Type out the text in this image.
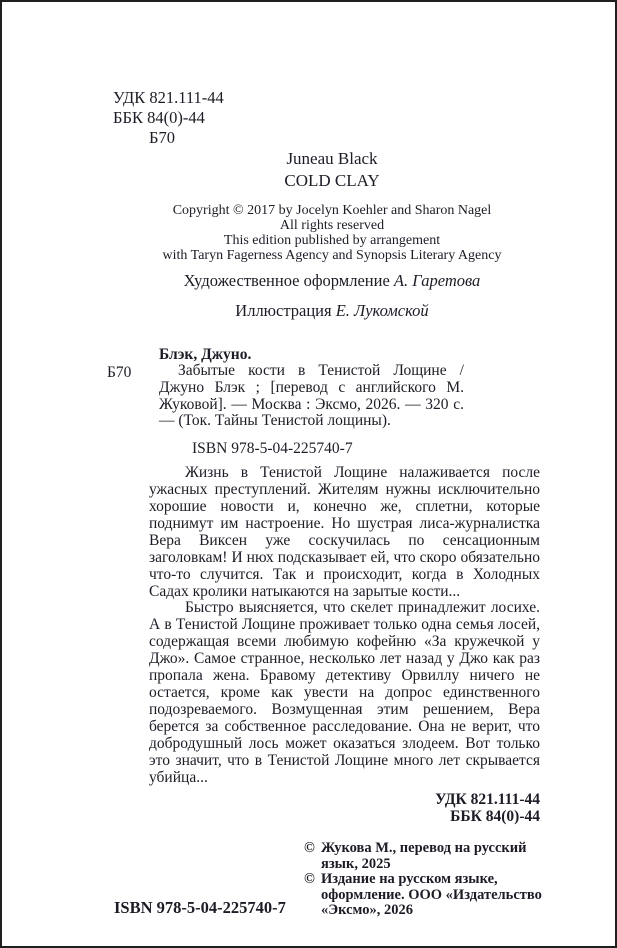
УДК 821.111-44
ББК 84(0)-44
Б70
Juneau Black
COLD CLAY
Copyright © 2017 by Jocelyn Koehler and Sharon Nagel
All rights reserved
This edition published by arrangement
with Taryn Fagerness Agency and Synopsis Literary Agency
Художественное оформление А. Гаретова
Иллюстрация Е. Лукомской
Блэк, Джуно.
Б70	Забытые кости в Тенистой Лощине / Джуно Блэк ; [перевод с английского М. Жуковой]. — Москва : Эксмо, 2026. — 320 с. — (Ток. Тайны Тенистой лощины).

ISBN 978-5-04-225740-7

Жизнь в Тенистой Лощине налаживается после ужасных преступлений. Жителям нужны исключительно хорошие новости и, конечно же, сплетни, которые поднимут им настроение. Но шустрая лиса-журналистка Вера Виксен уже соскучилась по сенсационным заголовкам! И нюх подсказывает ей, что скоро обязательно что-то случится. Так и происходит, когда в Холодных Садах кролики натыкаются на зарытые кости...

Быстро выясняется, что скелет принадлежит лосихе. А в Тенистой Лощине проживает только одна семья лосей, содержащая всеми любимую кофейню «За кружечкой у Джо». Самое странное, несколько лет назад у Джо как раз пропала жена. Бравому детективу Орвиллу ничего не остается, кроме как увести на допрос единственного подозреваемого. Возмущенная этим решением, Вера берется за собственное расследование. Она не верит, что добродушный лось может оказаться злодеем. Вот только это значит, что в Тенистой Лощине много лет скрывается убийца...

УДК 821.111-44
ББК 84(0)-44
ISBN 978-5-04-225740-7
© Жукова М., перевод на русский язык, 2025
© Издание на русском языке, оформление. ООО «Издательство «Эксмо», 2026
